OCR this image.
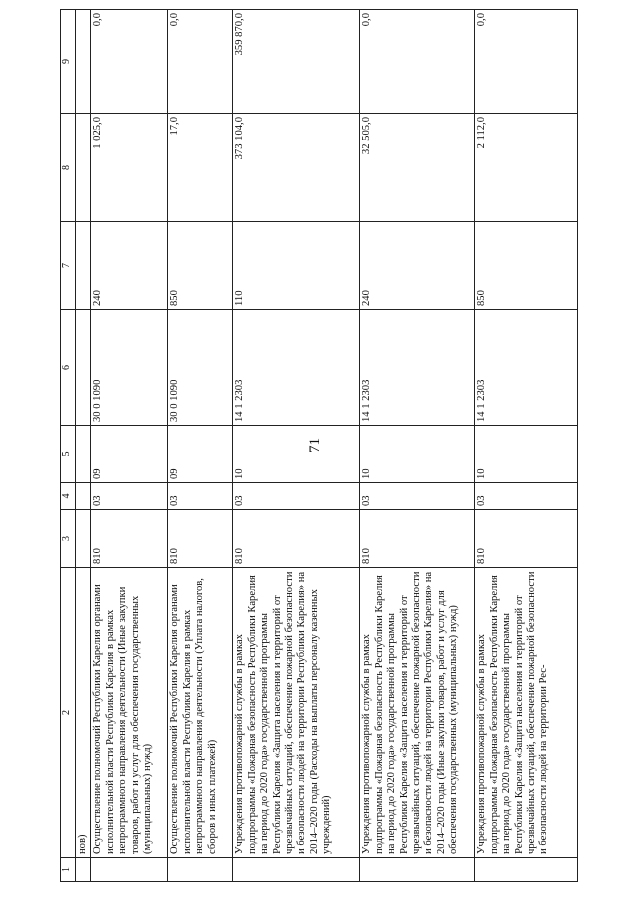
71
1	2	3	4	5	6	7	8	9
	нов)							
	Осуществление полномочий Республики Карелия органами исполнительной власти Республики Карелия в рамках непрограммного направления деятельности (Иные закупки товаров, работ и услуг для обеспечения государственных (муниципальных) нужд)	810	03	09	30 0 1090	240	1 025,0	0,0
	Осуществление полномочий Республики Карелия органами исполнительной власти Республики Карелия в рамках непрограммного направления деятельности (Уплата налогов, сборов и иных платежей)	810	03	09	30 0 1090	850	17,0	0,0
	Учреждения противопожарной службы в рамках подпрограммы «Пожарная безопасность Республики Карелия на период до 2020 года» государственной программы Республики Карелия «Защита населения и территорий от чрезвычайных ситуаций, обеспечение пожарной безопасности и безопасности людей на территории Республики Карелия» на 2014–2020 годы (Расходы на выплаты персоналу казенных учреждений)	810	03	10	14 1 2303	110	373 104,0	359 870,0
	Учреждения противопожарной службы в рамках подпрограммы «Пожарная безопасность Республики Карелия на период до 2020 года» государственной программы Республики Карелия «Защита населения и территорий от чрезвычайных ситуаций, обеспечение пожарной безопасности и безопасности людей на территории Республики Карелия» на 2014–2020 годы (Иные закупки товаров, работ и услуг для обеспечения государственных (муниципальных) нужд)	810	03	10	14 1 2303	240	32 505,0	0,0
	Учреждения противопожарной службы в рамках подпрограммы «Пожарная безопасность Республики Карелия на период до 2020 года» государственной программы Республики Карелия «Защита населения и территорий от чрезвычайных ситуаций, обеспечение пожарной безопасности и безопасности людей на территории Рес-	810	03	10	14 1 2303	850	2 112,0	0,0
